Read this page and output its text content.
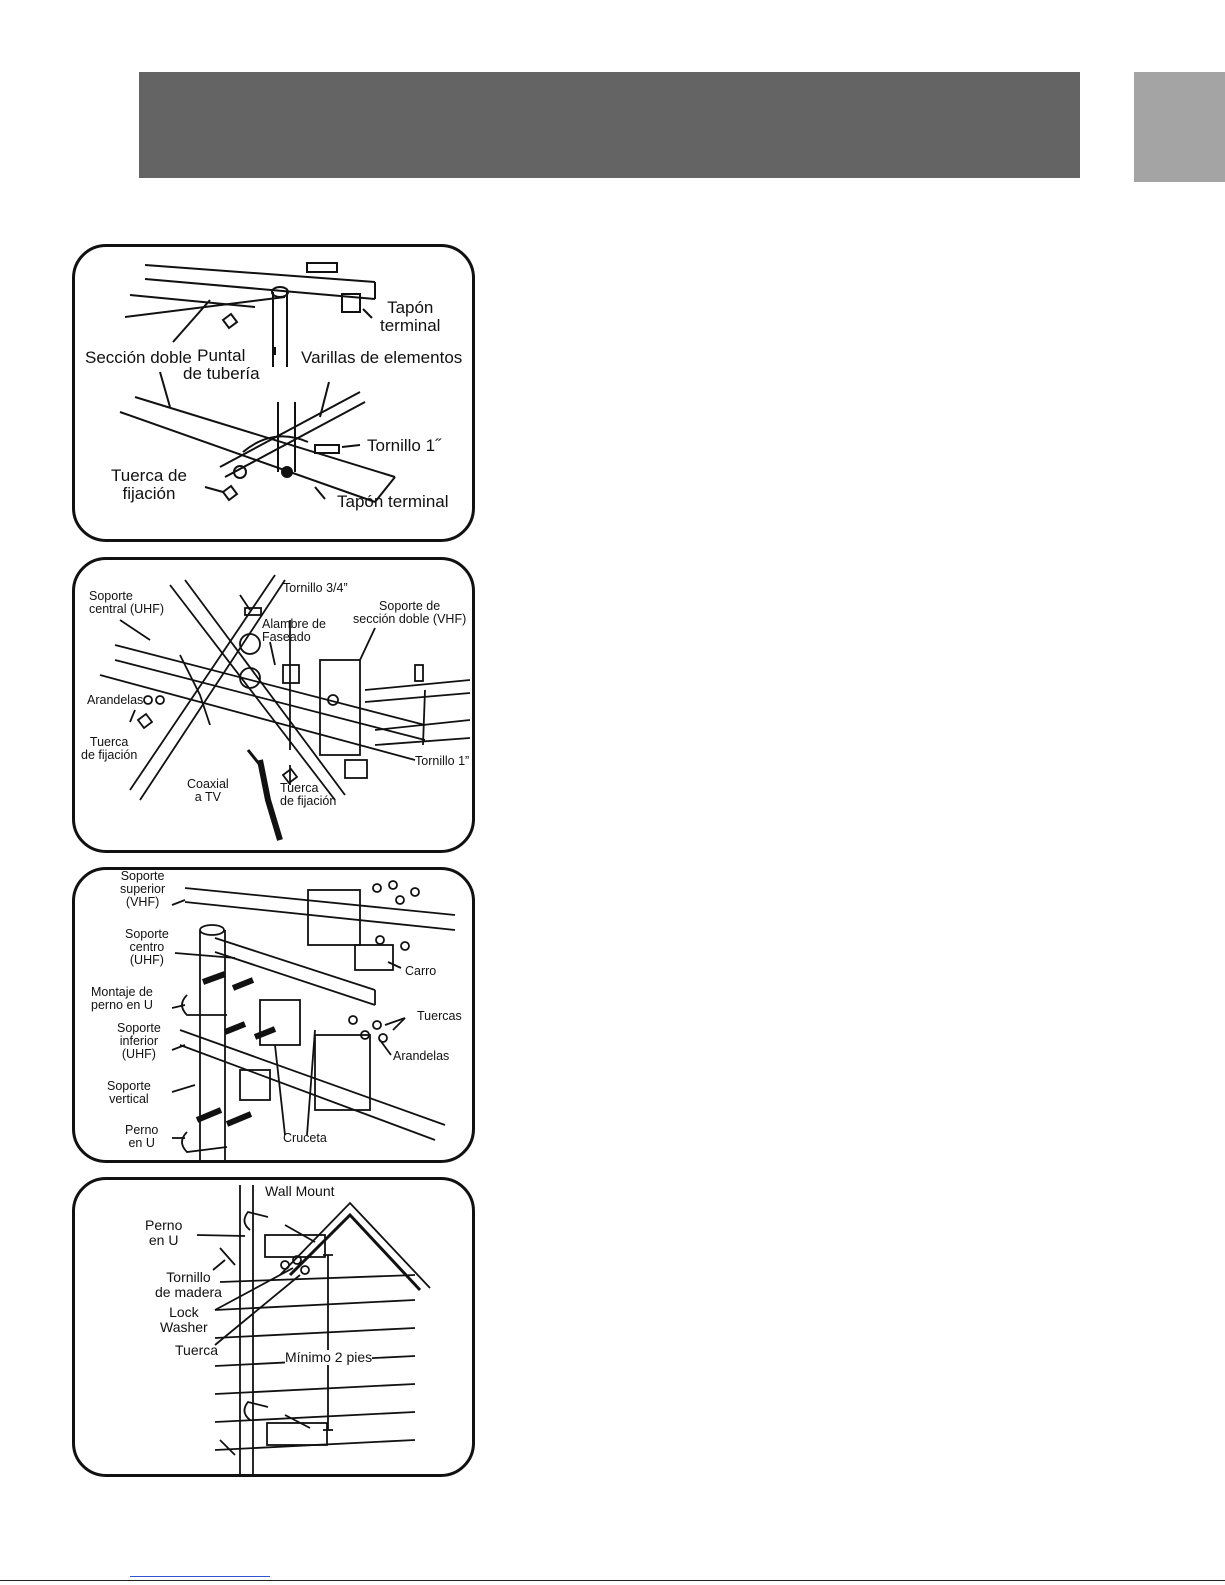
Tapón
terminal
Sección doble Puntal
de tubería
Varillas de elementos
Tornillo 1˝
Tuerca de
fijación	Tapón terminal
Soporte
central (UHF)
Tornillo 3/4”
Alambre de
Faseado
Soporte de
sección doble (VHF)
Arandelas
Tuerca
de fijación
Coaxial
a TV
Tuerca
de fijación
Tornillo 1”
Soporte
superior
(VHF)
Soporte
centro
(UHF)
Montaje de
perno en U
Soporte
inferior
(UHF)
Soporte
vertical
Perno
en U
Carro
Tuercas
Arandelas
Cruceta
Wall Mount
Perno
en U
Tornillo
de madera
Lock
Washer
Tuerca	Mínimo 2 pies
